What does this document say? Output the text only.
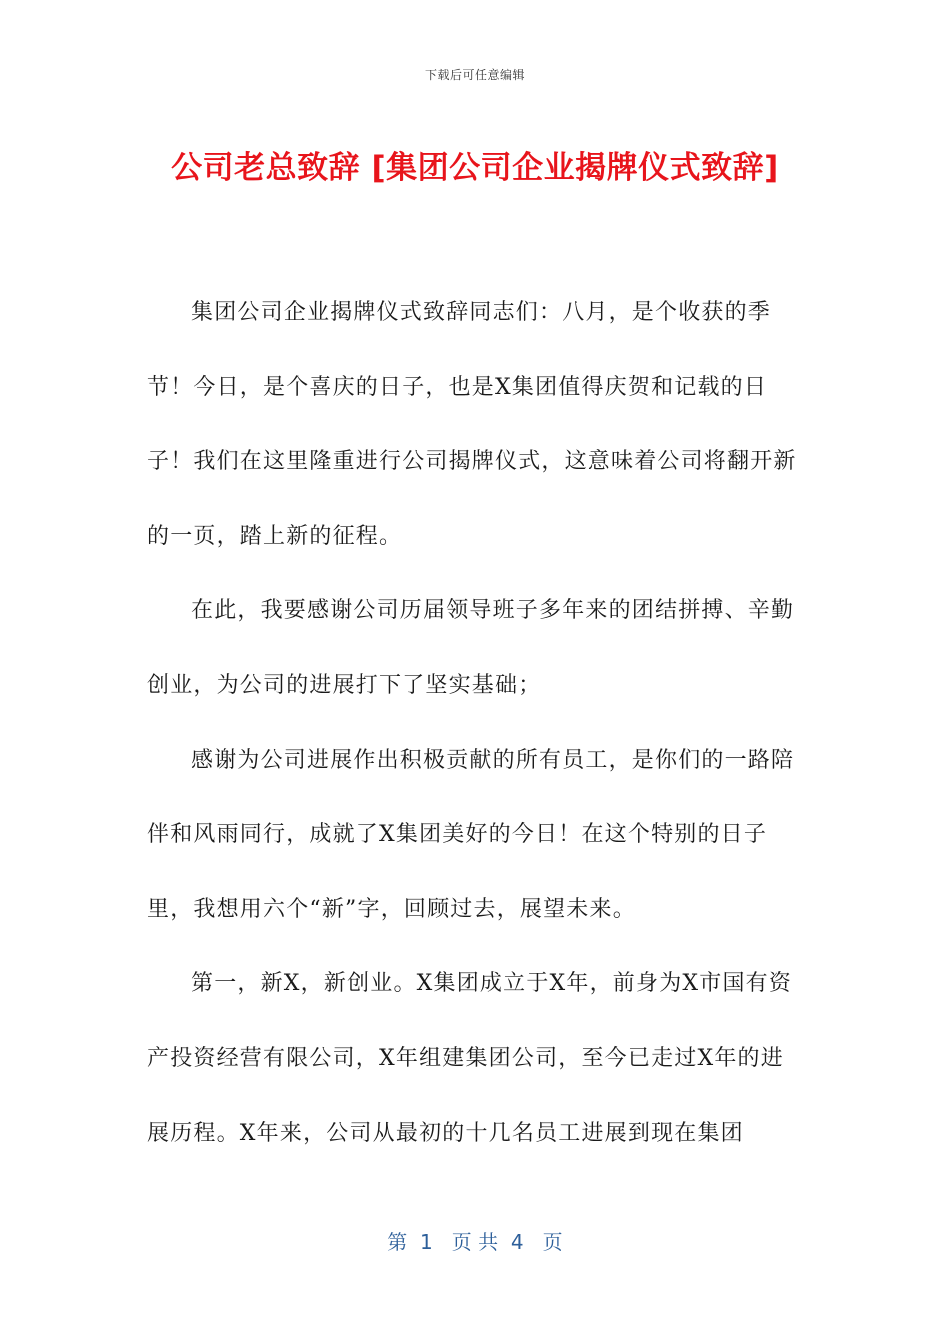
下载后可任意编辑
公司老总致辞 [集团公司企业揭牌仪式致辞]

集团公司企业揭牌仪式致辞同志们：八月，是个收获的季节！今日，是个喜庆的日子，也是X集团值得庆贺和记载的日子！我们在这里隆重进行公司揭牌仪式，这意味着公司将翻开新的一页，踏上新的征程。

在此，我要感谢公司历届领导班子多年来的团结拼搏、辛勤创业，为公司的进展打下了坚实基础；

感谢为公司进展作出积极贡献的所有员工，是你们的一路陪伴和风雨同行，成就了X集团美好的今日！在这个特别的日子里，我想用六个“新”字，回顾过去，展望未来。

第一，新X，新创业。X集团成立于X年，前身为X市国有资产投资经营有限公司，X年组建集团公司，至今已走过X年的进展历程。X年来，公司从最初的十几名员工进展到现在集团

第  1   页 共  4   页
